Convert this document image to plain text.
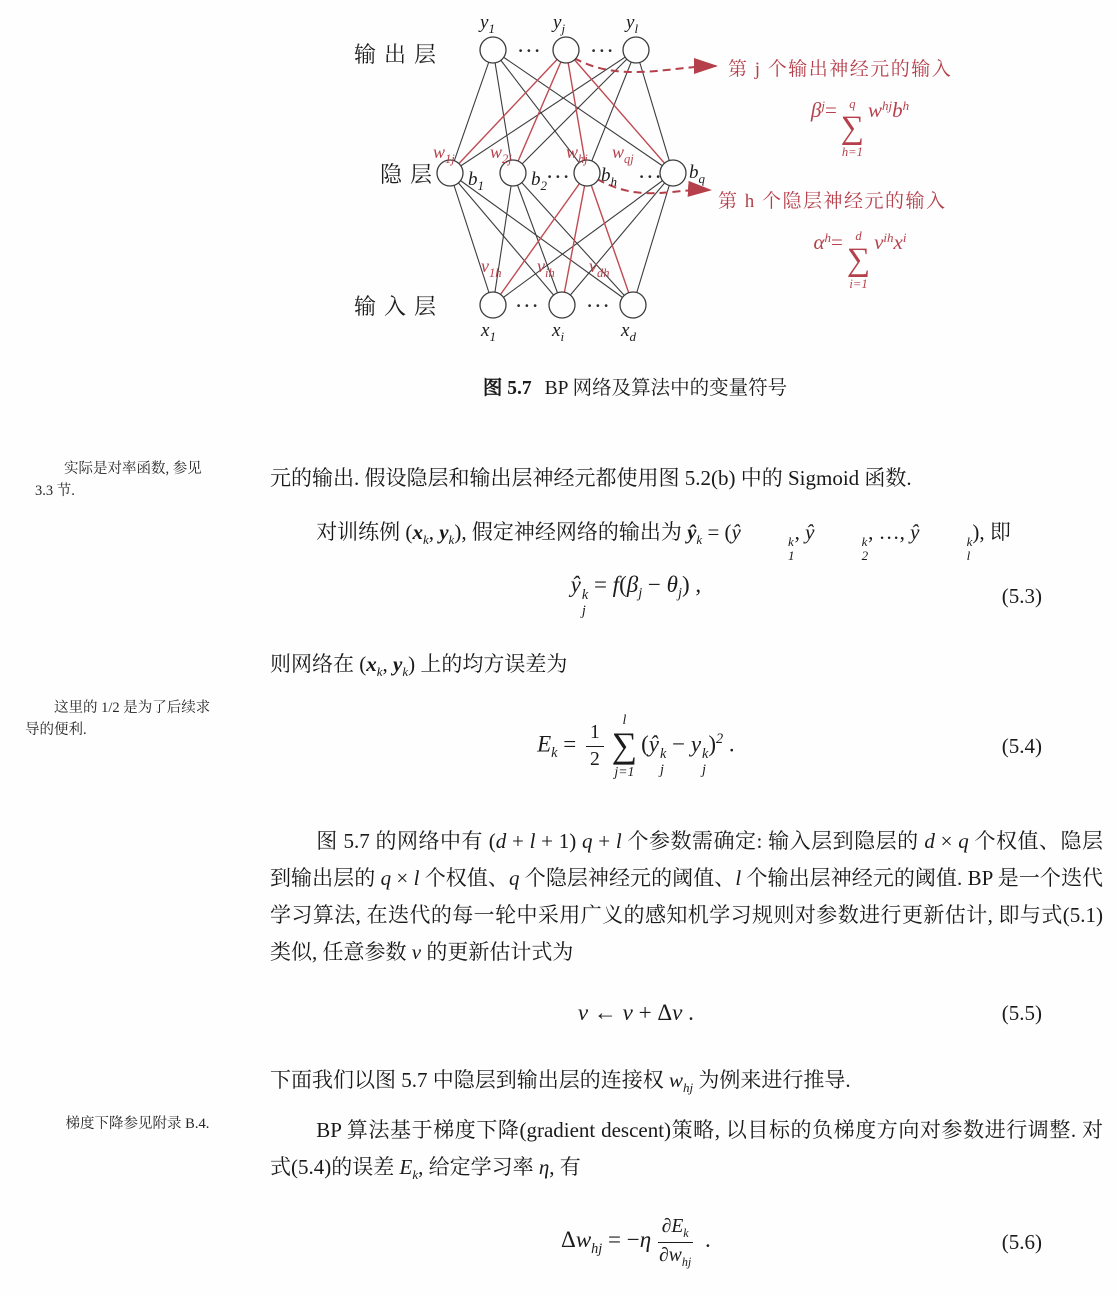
输出层
隐层
输入层
$y_1$	$y_j$	$y_l$
$b_1$ $b_2$	$b_h$	$b_q$
$x_1$	$x_i$	$x_d$
$w_{1j}$ $w_{2j}$	$w_{hj}$ $w_{qj}$
$v_{1h}$ $v_{ih}$ $v_{dh}$
···	···
···	···
···	···
第 j 个输出神经元的输入
β j = q
∑
h=1
w hj b h
第 h 个隐层神经元的输入
α h = d
∑
i=1
v ih x i
图 5.7 BP 网络及算法中的变量符号
实际是对率函数, 参见 3.3 节.
这里的 1/2 是为了后续求导的便利.
梯度下降参见附录 B.4.
元的输出. 假设隐层和输出层神经元都使用图 5.2(b) 中的 Sigmoid 函数.
对训练例 ($x_k$, $y_k$), 假定神经网络的输出为 $ŷ_k$ = (ŷ	k
1
, ŷ	k
2
, …, ŷ	k
l
), 即
ŷ k
j
= $f(\beta_j - \theta_j)$ ,	(5.3)
则网络在 ($x_k$, $y_k$) 上的均方误差为
$E_k = \frac{1}{2}$
l
∑
j=1
(ŷ k
j
− y k
j
)$^2$ .	(5.4)
图 5.7 的网络中有 (d + l + 1) q + l 个参数需确定: 输入层到隐层的 d × q 个权值、隐层到输出层的 q × l 个权值、q 个隐层神经元的阈值、l 个输出层神经元的阈值. BP 是一个迭代学习算法, 在迭代的每一轮中采用广义的感知机学习规则对参数进行更新估计, 即与式(5.1)类似, 任意参数 v 的更新估计式为
v ← v + Δv .	(5.5)
下面我们以图 5.7 中隐层到输出层的连接权 $w_{hj}$ 为例来进行推导.
BP 算法基于梯度下降(gradient descent)策略, 以目标的负梯度方向对参数进行调整. 对式(5.4)的误差 $E_k$, 给定学习率 η, 有
$\Delta w_{hj} = -\eta \frac{\partial E_k}{\partial w_{hj}}$ .	(5.6)
